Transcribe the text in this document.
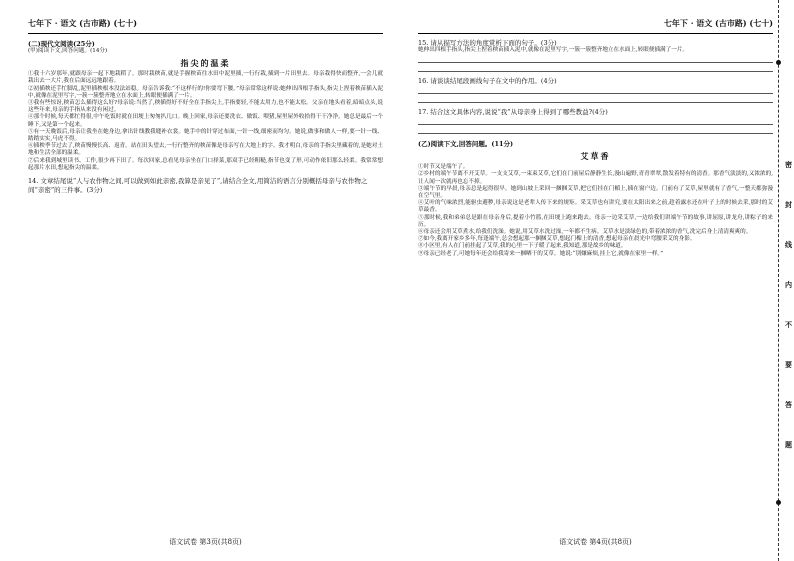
七年下 · 语文 (古市路) (七十)
(二)现代文阅读(25分)
(甲)阅读下文,回答问题。(14分)
指尖的温柔

①我十六岁那年,就跟母亲一起下地栽稻了。那时栽秧苗,就是手握秧苗往水田中泥里插,一行行栽,插到一片田里去。母亲栽得快而整齐,一会儿就栽出去一大片,我在后面远远地跟着。

②初插秧还手忙脚乱,泥里插秧根本没法站稳。母亲告诉我:“不这样行的!你要弯下腰。”母亲常常这样说:她伸出四根手指头,指尖上捏着秧苗插入泥中,就像在泥里写字,一簇一簇整齐地立在水面上,转眼便插满了一片。

③我有些惊讶,秧苗怎么插得这么好?母亲说:当然了,秧插得好不好全在手指尖上,手指要轻,不能太用力,也不能太松。父亲在地头看着,暗暗点头,说这些年来,母亲的手指从来没有闲过。

④那个时候,每天都忙得很,中午吃饭时就在田埂上匆匆扒几口。晚上回家,母亲还要洗衣、做饭、喂猪,屋里屋外收拾得干干净净。她总是最后一个睡下,又是第一个起来。

⑤有一天晚饭后,母亲让我坐在她身边,拿出针线教我缝补衣裳。她手中的针穿过布面,一针一线,细密而均匀。她说,做事和做人一样,要一针一线、踏踏实实,马虎不得。

⑥插秧季节过去了,秧苗慢慢长高、返青。站在田头望去,一行行整齐的秧苗像是母亲写在大地上的字。我才明白,母亲的手指尖里藏着的,是她对土地和生活全部的温柔。

⑦后来我到城里读书、工作,很少再下田了。每次回家,总看见母亲坐在门口择菜,那双手已经粗糙,指节也变了形,可动作依旧那么轻柔。我常常想起那片水田,想起指尖的温柔。

14. 文章结尾说“人与农作物之间,可以做到如此亲密,我算是亲见了”,请结合全文,用简洁的语言分别概括母亲与农作物之间“亲密”的三件事。(3分)
语文试卷 第3页(共8页)
七年下 · 语文 (古市路) (七十)
15. 请从描写方法的角度赏析下面的句子。(3分)

她伸出四根手指头,指尖上捏着秧苗插入泥中,就像在泥里写字,一簇一簇整齐地立在水面上,转眼便插满了一片。

16. 请谈谈结尾段画线句子在文中的作用。(4分)
17. 结合这文具体内容,说说“我”从母亲身上得到了哪些教益?(4分)
(乙)阅读下文,回答问题。(11分)
艾草香

①时节又是端午了。

②乡村的端午节离不开艾草。一支支艾草,一束束艾草,它们在门前屋后静静生长,漫山遍野,青青翠翠,散发着特有的清香。那香气淡淡的,又浓浓的,让人闻一次就再也忘不掉。

③端午节的早晨,母亲总是起得很早。她到山坡上采回一捆捆艾草,把它们挂在门楣上,插在窗户边。门前有了艾草,屋里就有了香气,一整天都弥漫在空气里。

④艾叶的气味浓烈,能驱虫避秽,母亲说这是老辈人传下来的规矩。采艾草也有讲究,要在太阳出来之前,趁着露水还在叶子上的时候去采,那时的艾草最香。

⑤那时候,我和弟弟总是跟在母亲身后,提着小竹篮,在田埂上跑来跑去。母亲一边采艾草,一边给我们讲端午节的故事,讲屈原,讲龙舟,讲粽子的来历。

⑥母亲还会用艾草煮水,给我们洗澡。她说,用艾草水洗过澡,一年都不生病。艾草水是淡绿色的,带着浓浓的香气,洗完后身上清清爽爽的。

⑦如今,我离开家乡多年,每逢端午,总会想起那一捆捆艾草,想起门楣上的清香,想起母亲在晨光中弯腰采艾的身影。

⑧小区里,有人在门前挂起了艾草,我的心里一下子暖了起来,我知道,那是故乡的味道。

⑨母亲已经老了,可她每年还会给我寄来一捆晒干的艾草。她说:“别嫌麻烦,挂上它,就像在家里一样。”

语文试卷 第4页(共8页)
密
封
线
内
不
要
答
题
